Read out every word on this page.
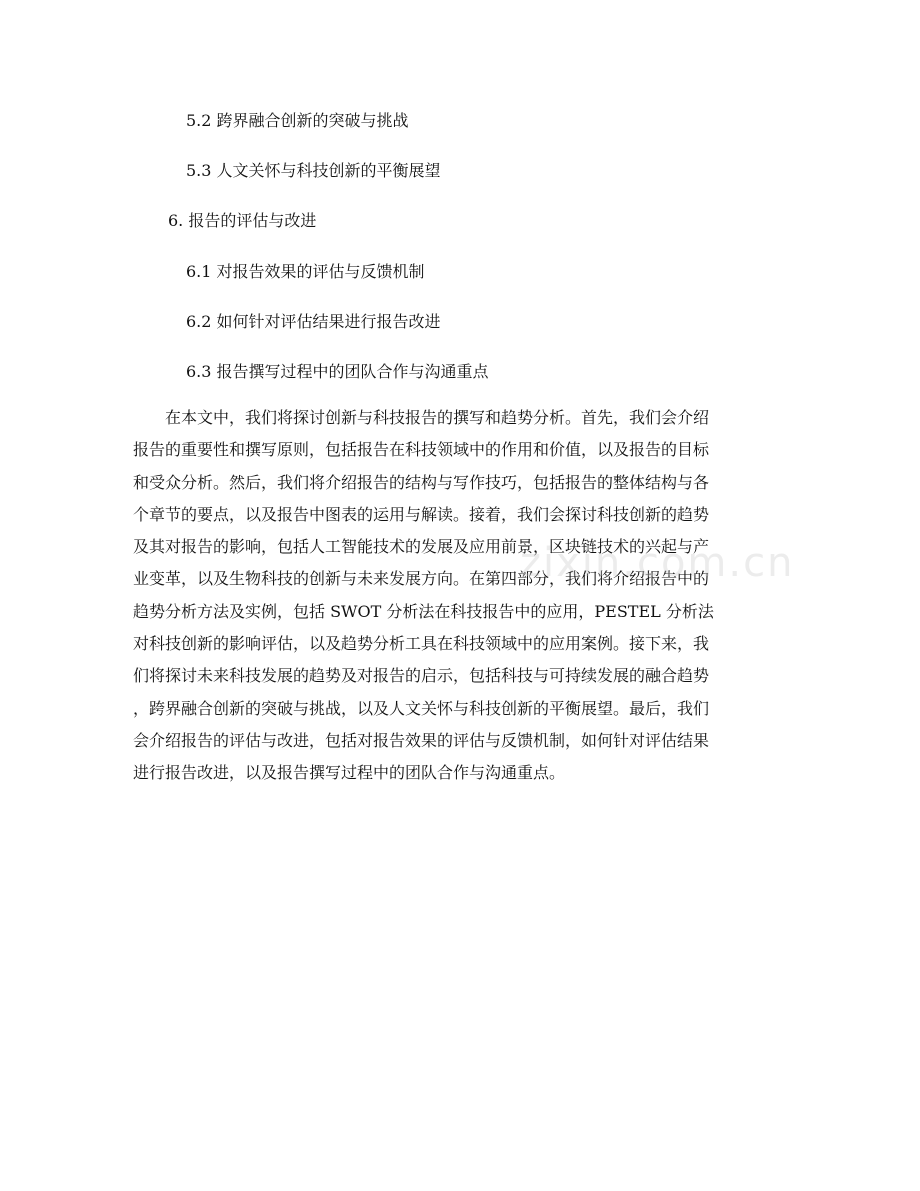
5.2 跨界融合创新的突破与挑战
5.3 人文关怀与科技创新的平衡展望
6. 报告的评估与改进
6.1 对报告效果的评估与反馈机制
6.2 如何针对评估结果进行报告改进
6.3 报告撰写过程中的团队合作与沟通重点
　　在本文中，我们将探讨创新与科技报告的撰写和趋势分析。首先，我们会介绍
报告的重要性和撰写原则，包括报告在科技领域中的作用和价值，以及报告的目标
和受众分析。然后，我们将介绍报告的结构与写作技巧，包括报告的整体结构与各
个章节的要点，以及报告中图表的运用与解读。接着，我们会探讨科技创新的趋势
及其对报告的影响，包括人工智能技术的发展及应用前景，区块链技术的兴起与产
业变革，以及生物科技的创新与未来发展方向。在第四部分，我们将介绍报告中的
趋势分析方法及实例，包括 SWOT 分析法在科技报告中的应用，PESTEL 分析法
对科技创新的影响评估，以及趋势分析工具在科技领域中的应用案例。接下来，我
们将探讨未来科技发展的趋势及对报告的启示，包括科技与可持续发展的融合趋势
，跨界融合创新的突破与挑战，以及人文关怀与科技创新的平衡展望。最后，我们
会介绍报告的评估与改进，包括对报告效果的评估与反馈机制，如何针对评估结果
进行报告改进，以及报告撰写过程中的团队合作与沟通重点。
zixin.com.cn
